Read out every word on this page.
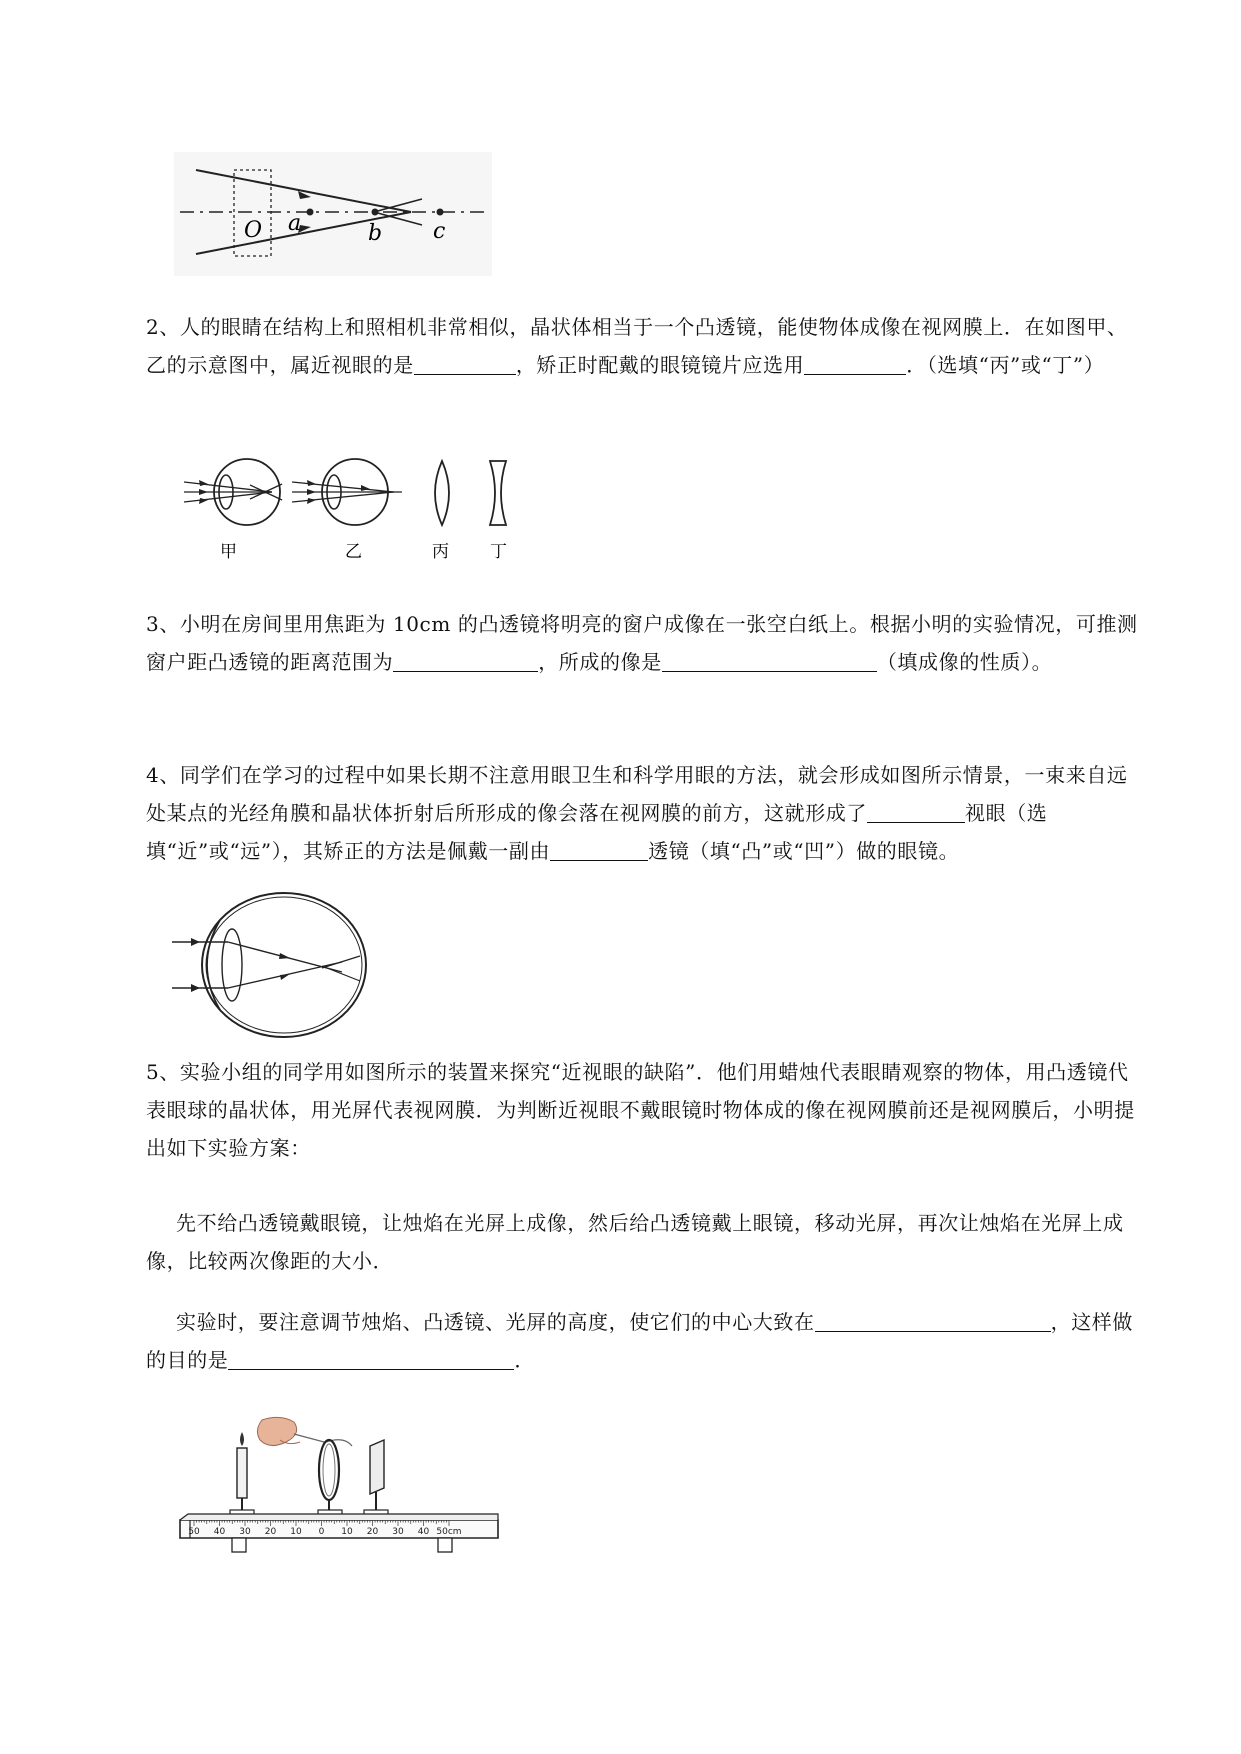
O a	b c

2、人的眼睛在结构上和照相机非常相似，晶状体相当于一个凸透镜，能使物体成像在视网膜上．在如图甲、乙的示意图中，属近视眼的是	，矫正时配戴的眼镜镜片应选用	．（选填“丙”或“丁”）

甲	乙	丙 丁

3、小明在房间里用焦距为 10cm 的凸透镜将明亮的窗户成像在一张空白纸上。根据小明的实验情况，可推测窗户距凸透镜的距离范围为	，所成的像是	（填成像的性质）。

4、同学们在学习的过程中如果长期不注意用眼卫生和科学用眼的方法，就会形成如图所示情景，一束来自远处某点的光经角膜和晶状体折射后所形成的像会落在视网膜的前方，这就形成了	视眼（选填“近”或“远”），其矫正的方法是佩戴一副由	透镜（填“凸”或“凹”）做的眼镜。

5、实验小组的同学用如图所示的装置来探究“近视眼的缺陷”．他们用蜡烛代表眼睛观察的物体，用凸透镜代表眼球的晶状体，用光屏代表视网膜．为判断近视眼不戴眼镜时物体成的像在视网膜前还是视网膜后，小明提出如下实验方案：

先不给凸透镜戴眼镜，让烛焰在光屏上成像，然后给凸透镜戴上眼镜，移动光屏，再次让烛焰在光屏上成像，比较两次像距的大小．

实验时，要注意调节烛焰、凸透镜、光屏的高度，使它们的中心大致在	，这样做的目的是	．

50 40 30 20 10 0 10 20 30 40 50cm
